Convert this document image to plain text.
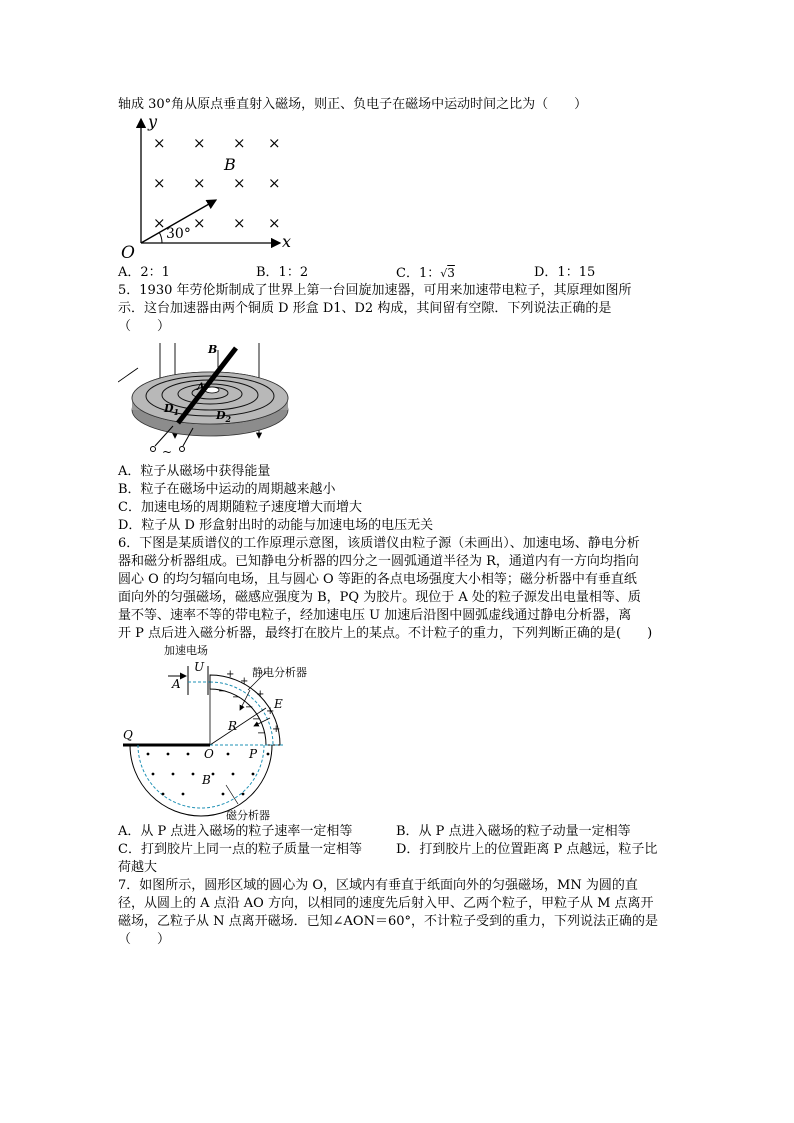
轴成 30°角从原点垂直射入磁场，则正、负电子在磁场中运动时间之比为（　　）
y
x
O
B
× × × ×
× × × ×
× × × ×
30°
A．2：1	B．1：2	C．1：√3	D．1：15
5．1930 年劳伦斯制成了世界上第一台回旋加速器，可用来加速带电粒子，其原理如图所
示．这台加速器由两个铜质 D 形盒 D1、D2 构成，其间留有空隙．下列说法正确的是
（　　）
B
A
$D_1$	$D_2$
~
A．粒子从磁场中获得能量
B．粒子在磁场中运动的周期越来越小
C．加速电场的周期随粒子速度增大而增大
D．粒子从 D 形盒射出时的动能与加速电场的电压无关
6．下图是某质谱仪的工作原理示意图，该质谱仪由粒子源（未画出）、加速电场、静电分析
器和磁分析器组成。已知静电分析器的四分之一圆弧通道半径为 R，通道内有一方向均指向
圆心 O 的均匀辐向电场，且与圆心 O 等距的各点电场强度大小相等；磁分析器中有垂直纸
面向外的匀强磁场，磁感应强度为 B，PQ 为胶片。现位于 A 处的粒子源发出电量相等、质
量不等、速率不等的带电粒子，经加速电压 U 加速后沿图中圆弧虚线通过静电分析器，离
开 P 点后进入磁分析器，最终打在胶片上的某点。不计粒子的重力，下列判断正确的是(　　)
加速电场
U
A
R
+
+
+
+
+
−
−
−
−
−
E
静电分析器
Q
O	P
B
磁分析器
A．从 P 点进入磁场的粒子速率一定相等	B．从 P 点进入磁场的粒子动量一定相等
C．打到胶片上同一点的粒子质量一定相等	D．打到胶片上的位置距离 P 点越远，粒子比
荷越大
7．如图所示，圆形区域的圆心为 O，区域内有垂直于纸面向外的匀强磁场，MN 为圆的直
径，从圆上的 A 点沿 AO 方向，以相同的速度先后射入甲、乙两个粒子，甲粒子从 M 点离开
磁场，乙粒子从 N 点离开磁场．已知∠AON＝60°，不计粒子受到的重力，下列说法正确的是
（　　）
